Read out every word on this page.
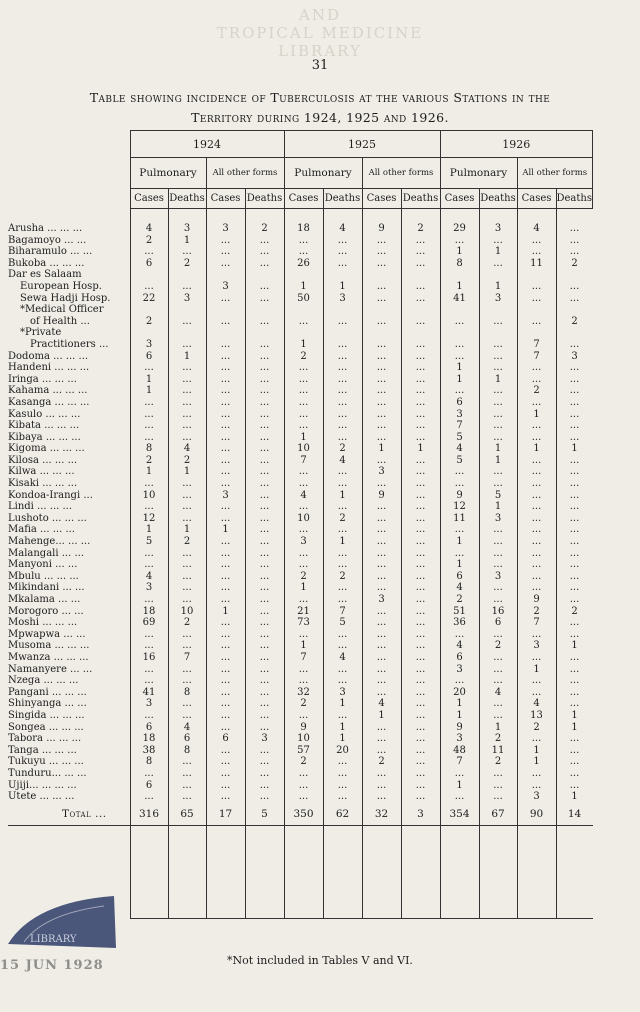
AND
TROPICAL MEDICINE
LIBRARY
31
Table showing incidence of Tuberculosis at the various Stations in the
Territory during 1924, 1925 and 1926.
	1924				1925				1926			
	Pulmonary		All other forms		Pulmonary		All other forms		Pulmonary		All other forms	
	Cases	Deaths	Cases	Deaths	Cases	Deaths	Cases	Deaths	Cases	Deaths	Cases	Deaths
Arusha ... ... ...	4	3	3	2	18	4	9	2	29	3	4	...
Bagamoyo ... ...	2	1	...	...	...	...	...	...	...	...	...	...
Biharamulo ... ...	...	...	...	...	...	...	...	...	1	1	...	...
Bukoba ... ... ...	6	2	...	...	26	...	...	...	8	...	11	2
Dar es Salaam												
European Hosp.	...	...	3	...	1	1	...	...	1	1	...	...
Sewa Hadji Hosp.	22	3	...	...	50	3	...	...	41	3	...	...
*Medical Officer												
of Health ...	2	...	...	...	...	...	...	...	...	...	...	2
*Private												
Practitioners ...	3	...	...	...	1	...	...	...	...	...	7	...
Dodoma ... ... ...	6	1	...	...	2	...	...	...	...	...	7	3
Handeni ... ... ...	...	...	...	...	...	...	...	...	1	...	...	...
Iringa ... ... ...	1	...	...	...	...	...	...	...	1	1	...	...
Kahama ... ... ...	1	...	...	...	...	...	...	...	...	...	2	...
Kasanga ... ... ...	...	...	...	...	...	...	...	...	6	...	...	...
Kasulo ... ... ...	...	...	...	...	...	...	...	...	3	...	1	...
Kibata ... ... ...	...	...	...	...	...	...	...	...	7	...	...	...
Kibaya ... ... ...	...	...	...	...	1	...	...	...	5	...	...	...
Kigoma ... ... ...	8	4	...	...	10	2	1	1	4	1	1	1
Kilosa ... ... ...	2	2	...	...	7	4	...	...	5	1	...	...
Kilwa ... ... ...	1	1	...	...	...	...	3	...	...	...	...	...
Kisaki ... ... ...	...	...	...	...	...	...	...	...	...	...	...	...
Kondoa-Irangi ...	10	...	3	...	4	1	9	...	9	5	...	...
Lindi ... ... ...	...	...	...	...	...	...	...	...	12	1	...	...
Lushoto ... ... ...	12	...	...	...	10	2	...	...	11	3	...	...
Mafia ... ... ...	1	1	1	...	...	...	...	...	...	...	...	...
Mahenge... ... ...	5	2	...	...	3	1	...	...	1	...	...	...
Malangali ... ...	...	...	...	...	...	...	...	...	...	...	...	...
Manyoni ... ...	...	...	...	...	...	...	...	...	1	...	...	...
Mbulu ... ... ...	4	...	...	...	2	2	...	...	6	3	...	...
Mikindani ... ...	3	...	...	...	1	...	...	...	4	...	...	...
Mkalama ... ...	...	...	...	...	...	...	3	...	2	...	9	...
Morogoro ... ...	18	10	1	...	21	7	...	...	51	16	2	2
Moshi ... ... ...	69	2	...	...	73	5	...	...	36	6	7	...
Mpwapwa ... ...	...	...	...	...	...	...	...	...	...	...	...	...
Musoma ... ... ...	...	...	...	...	1	...	...	...	4	2	3	1
Mwanza ... ... ...	16	7	...	...	7	4	...	...	6	...	...	...
Namanyere ... ...	...	...	...	...	...	...	...	...	3	...	1	...
Nzega ... ... ...	...	...	...	...	...	...	...	...	...	...	...	...
Pangani ... ... ...	41	8	...	...	32	3	...	...	20	4	...	...
Shinyanga ... ...	3	...	...	...	2	1	4	...	1	...	4	...
Singida ... ... ...	...	...	...	...	...	...	1	...	1	...	13	1
Songea ... ... ...	6	4	...	...	9	1	...	...	9	1	2	1
Tabora ... ... ...	18	6	6	3	10	1	...	...	3	2	...	...
Tanga ... ... ...	38	8	...	...	57	20	...	...	48	11	1	...
Tukuyu ... ... ...	8	...	...	...	2	...	2	...	7	2	1	...
Tunduru... ... ...	...	...	...	...	...	...	...	...	...	...	...	...
Ujiji... ... ... ...	6	...	...	...	...	...	...	...	1	...	...	...
Utete ... ... ...	...	...	...	...	...	...	...	...	...	...	3	1
Total ...	316	65	17	5	350	62	32	3	354	67	90	14

LIBRARY
15 JUN 1928	*Not included in Tables V and VI.
